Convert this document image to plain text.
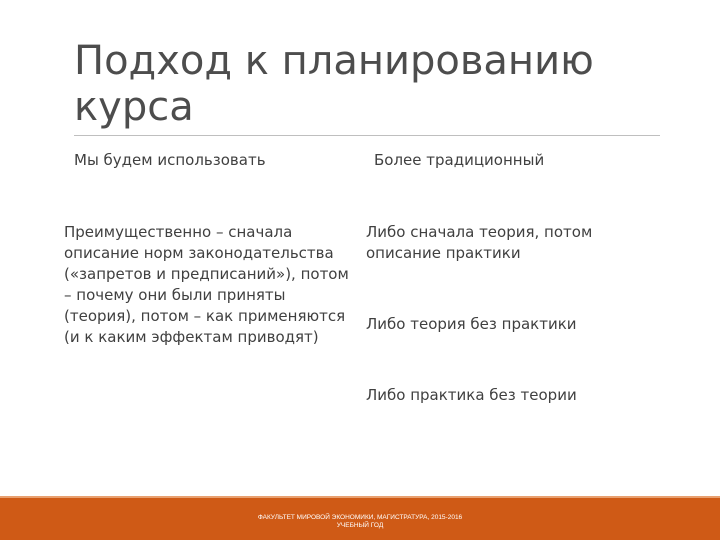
Подход к планированию курса
Мы будем использовать	Более традиционный
Преимущественно – сначала описание норм законодательства («запретов и предписаний»), потом – почему они были приняты (теория), потом – как применяются (и к каким эффектам приводят)
Либо сначала теория, потом описание практики
Либо теория без практики
Либо практика без теории
ФАКУЛЬТЕТ МИРОВОЙ ЭКОНОМИКИ, МАГИСТРАТУРА, 2015-2016
УЧЕБНЫЙ ГОД
